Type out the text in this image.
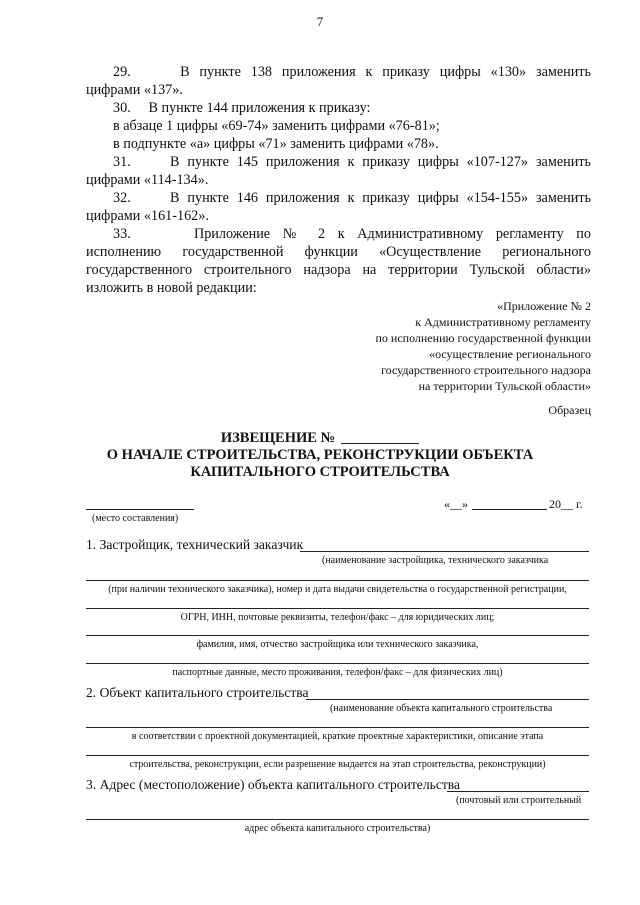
7
29.     В пункте 138 приложения к приказу цифры «130» заменить
цифрами «137».
30.     В пункте 144 приложения к приказу:
в абзаце 1 цифры «69-74» заменить цифрами «76-81»;
в подпункте «а» цифры «71» заменить цифрами «78».
31.     В пункте 145 приложения к приказу цифры «107-127» заменить
цифрами «114-134».
32.     В пункте 146 приложения к приказу цифры «154-155» заменить
цифрами «161-162».
33.     Приложение № 2 к Административному регламенту по
исполнению государственной функции «Осуществление регионального
государственного строительного надзора на территории Тульской области»
изложить в новой редакции:
«Приложение № 2
к Административному регламенту
по исполнению государственной функции
«осуществление регионального
государственного строительного надзора
на территории Тульской области»
Образец
ИЗВЕЩЕНИЕ №
О НАЧАЛЕ СТРОИТЕЛЬСТВА, РЕКОНСТРУКЦИИ ОБЪЕКТА
КАПИТАЛЬНОГО СТРОИТЕЛЬСТВА
(место составления)
«__»	20__ г.
1. Застройщик, технический заказчик
(наименование застройщика, технического заказчика
(при наличии технического заказчика), номер и дата выдачи свидетельства о государственной регистрации,
ОГРН, ИНН, почтовые реквизиты, телефон/факс – для юридических лиц;
фамилия, имя, отчество застройщика или технического заказчика,
паспортные данные, место проживания, телефон/факс – для физических лиц)
2. Объект капитального строительства
(наименование объекта капитального строительства
в соответствии с проектной документацией, краткие проектные характеристики, описание этапа
строительства, реконструкции, если разрешение выдается на этап строительства, реконструкции)
3. Адрес (местоположение) объекта капитального строительства
(почтовый или строительный
адрес объекта капитального строительства)
